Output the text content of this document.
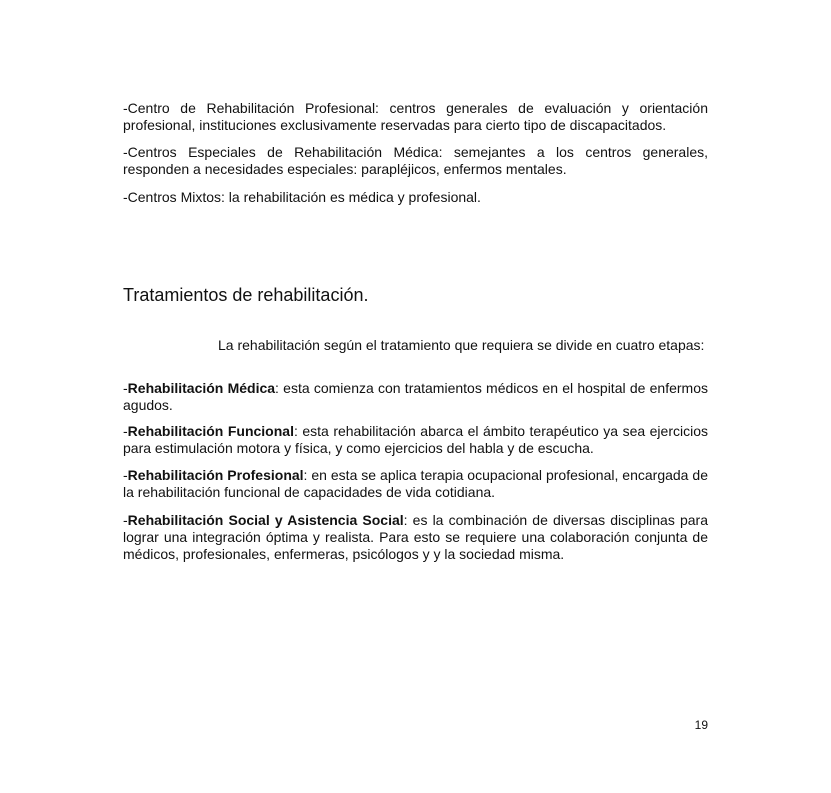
-Centro de Rehabilitación Profesional: centros generales de evaluación y orientación profesional, instituciones exclusivamente reservadas para cierto tipo de discapacitados.

-Centros Especiales de Rehabilitación Médica: semejantes a los centros generales, responden a necesidades especiales: parapléjicos, enfermos mentales.

-Centros Mixtos: la rehabilitación es médica y profesional.

Tratamientos de rehabilitación.

La rehabilitación según el tratamiento que requiera se divide en cuatro etapas:

-Rehabilitación Médica: esta comienza con tratamientos médicos en el hospital de enfermos agudos.

-Rehabilitación Funcional: esta rehabilitación abarca el ámbito terapéutico ya sea ejercicios para estimulación motora y física, y como ejercicios del habla y de escucha.

-Rehabilitación Profesional: en esta se aplica terapia ocupacional profesional, encargada de la rehabilitación funcional de capacidades de vida cotidiana.

-Rehabilitación Social y Asistencia Social: es la combinación de diversas disciplinas para lograr una integración óptima y realista. Para esto se requiere una colaboración conjunta de médicos, profesionales, enfermeras, psicólogos y y la sociedad misma.

19
